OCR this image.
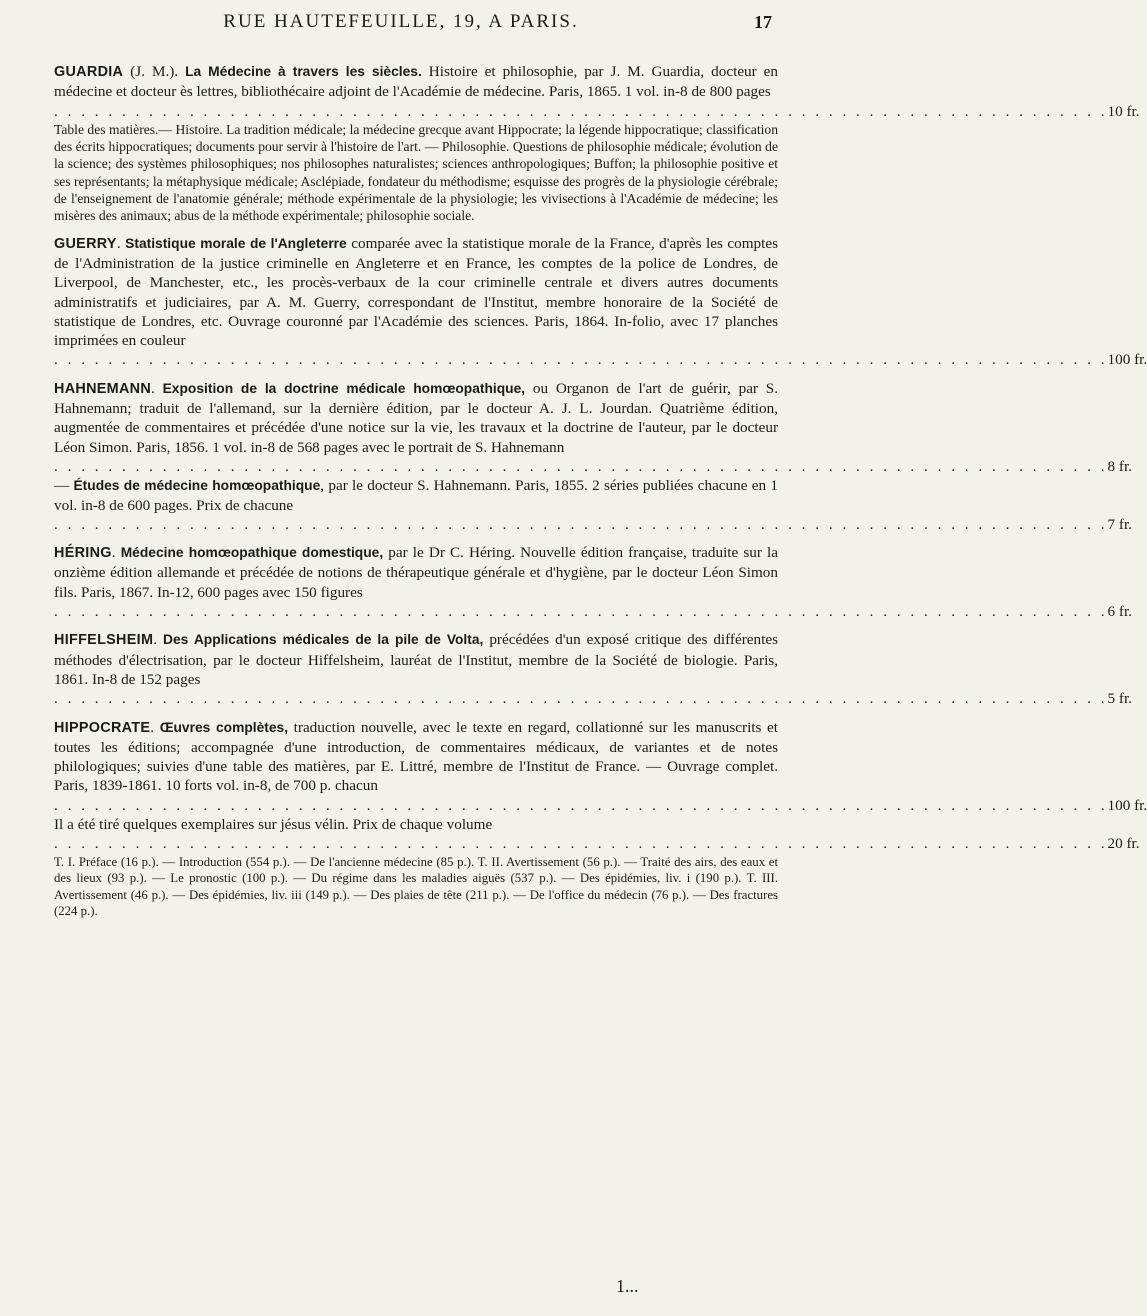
RUE HAUTEFEUILLE, 19, A PARIS.	17

GUARDIA (J. M.). La Médecine à travers les siècles. Histoire et philosophie, par J. M. Guardia, docteur en médecine et docteur ès lettres, bibliothécaire adjoint de l'Académie de médecine. Paris, 1865. 1 vol. in-8 de 800 pages

. . . . . . . . . . . . . . . . . . . . . . . . . . . . . . . . . . . . . . . . . . . . . . . . . . . . . . . . . . . . . . . . . . . . . . . . . . . . . . 10 fr.

Table des matières.— Histoire. La tradition médicale; la médecine grecque avant Hippocrate; la légende hippocratique; classification des écrits hippocratiques; documents pour servir à l'histoire de l'art. — Philosophie. Questions de philosophie médicale; évolution de la science; des systèmes philosophiques; nos philosophes naturalistes; sciences anthropologiques; Buffon; la philosophie positive et ses représentants; la métaphysique médicale; Asclépiade, fondateur du méthodisme; esquisse des progrès de la physiologie cérébrale; de l'enseignement de l'anatomie générale; méthode expérimentale de la physiologie; les vivisections à l'Académie de médecine; les misères des animaux; abus de la méthode expérimentale; philosophie sociale.

GUERRY. Statistique morale de l'Angleterre comparée avec la statistique morale de la France, d'après les comptes de l'Administration de la justice criminelle en Angleterre et en France, les comptes de la police de Londres, de Liverpool, de Manchester, etc., les procès-verbaux de la cour criminelle centrale et divers autres documents administratifs et judiciaires, par A. M. Guerry, correspondant de l'Institut, membre honoraire de la Société de statistique de Londres, etc. Ouvrage couronné par l'Académie des sciences. Paris, 1864. In-folio, avec 17 planches imprimées en couleur

. . . . . . . . . . . . . . . . . . . . . . . . . . . . . . . . . . . . . . . . . . . . . . . . . . . . . . . . . . . . . . . . . . . . . . . . . . . . . . 100 fr.

HAHNEMANN. Exposition de la doctrine médicale homœopathique, ou Organon de l'art de guérir, par S. Hahnemann; traduit de l'allemand, sur la dernière édition, par le docteur A. J. L. Jourdan. Quatrième édition, augmentée de commentaires et précédée d'une notice sur la vie, les travaux et la doctrine de l'auteur, par le docteur Léon Simon. Paris, 1856. 1 vol. in-8 de 568 pages avec le portrait de S. Hahnemann

. . . . . . . . . . . . . . . . . . . . . . . . . . . . . . . . . . . . . . . . . . . . . . . . . . . . . . . . . . . . . . . . . . . . . . . . . . . . . . 8 fr.

— Études de médecine homœopathique, par le docteur S. Hahnemann. Paris, 1855. 2 séries publiées chacune en 1 vol. in-8 de 600 pages. Prix de chacune

. . . . . . . . . . . . . . . . . . . . . . . . . . . . . . . . . . . . . . . . . . . . . . . . . . . . . . . . . . . . . . . . . . . . . . . . . . . . . . 7 fr.

HÉRING. Médecine homœopathique domestique, par le Dr C. Héring. Nouvelle édition française, traduite sur la onzième édition allemande et précédée de notions de thérapeutique générale et d'hygiène, par le docteur Léon Simon fils. Paris, 1867. In-12, 600 pages avec 150 figures

. . . . . . . . . . . . . . . . . . . . . . . . . . . . . . . . . . . . . . . . . . . . . . . . . . . . . . . . . . . . . . . . . . . . . . . . . . . . . . 6 fr.

HIFFELSHEIM. Des Applications médicales de la pile de Volta, précédées d'un exposé critique des différentes méthodes d'électrisation, par le docteur Hiffelsheim, lauréat de l'Institut, membre de la Société de biologie. Paris, 1861. In-8 de 152 pages

. . . . . . . . . . . . . . . . . . . . . . . . . . . . . . . . . . . . . . . . . . . . . . . . . . . . . . . . . . . . . . . . . . . . . . . . . . . . . . 5 fr.

HIPPOCRATE. Œuvres complètes, traduction nouvelle, avec le texte en regard, collationné sur les manuscrits et toutes les éditions; accompagnée d'une introduction, de commentaires médicaux, de variantes et de notes philologiques; suivies d'une table des matières, par E. Littré, membre de l'Institut de France. — Ouvrage complet. Paris, 1839-1861. 10 forts vol. in-8, de 700 p. chacun

. . . . . . . . . . . . . . . . . . . . . . . . . . . . . . . . . . . . . . . . . . . . . . . . . . . . . . . . . . . . . . . . . . . . . . . . . . . . . . 100 fr.

Il a été tiré quelques exemplaires sur jésus vélin. Prix de chaque volume

. . . . . . . . . . . . . . . . . . . . . . . . . . . . . . . . . . . . . . . . . . . . . . . . . . . . . . . . . . . . . . . . . . . . . . . . . . . . . . 20 fr.

T. I. Préface (16 p.). — Introduction (554 p.). — De l'ancienne médecine (85 p.). T. II. Avertissement (56 p.). — Traité des airs, des eaux et des lieux (93 p.). — Le pronostic (100 p.). — Du régime dans les maladies aiguës (537 p.). — Des épidémies, liv. i (190 p.). T. III. Avertissement (46 p.). — Des épidémies, liv. iii (149 p.). — Des plaies de tête (211 p.). — De l'office du médecin (76 p.). — Des fractures (224 p.).

1...
